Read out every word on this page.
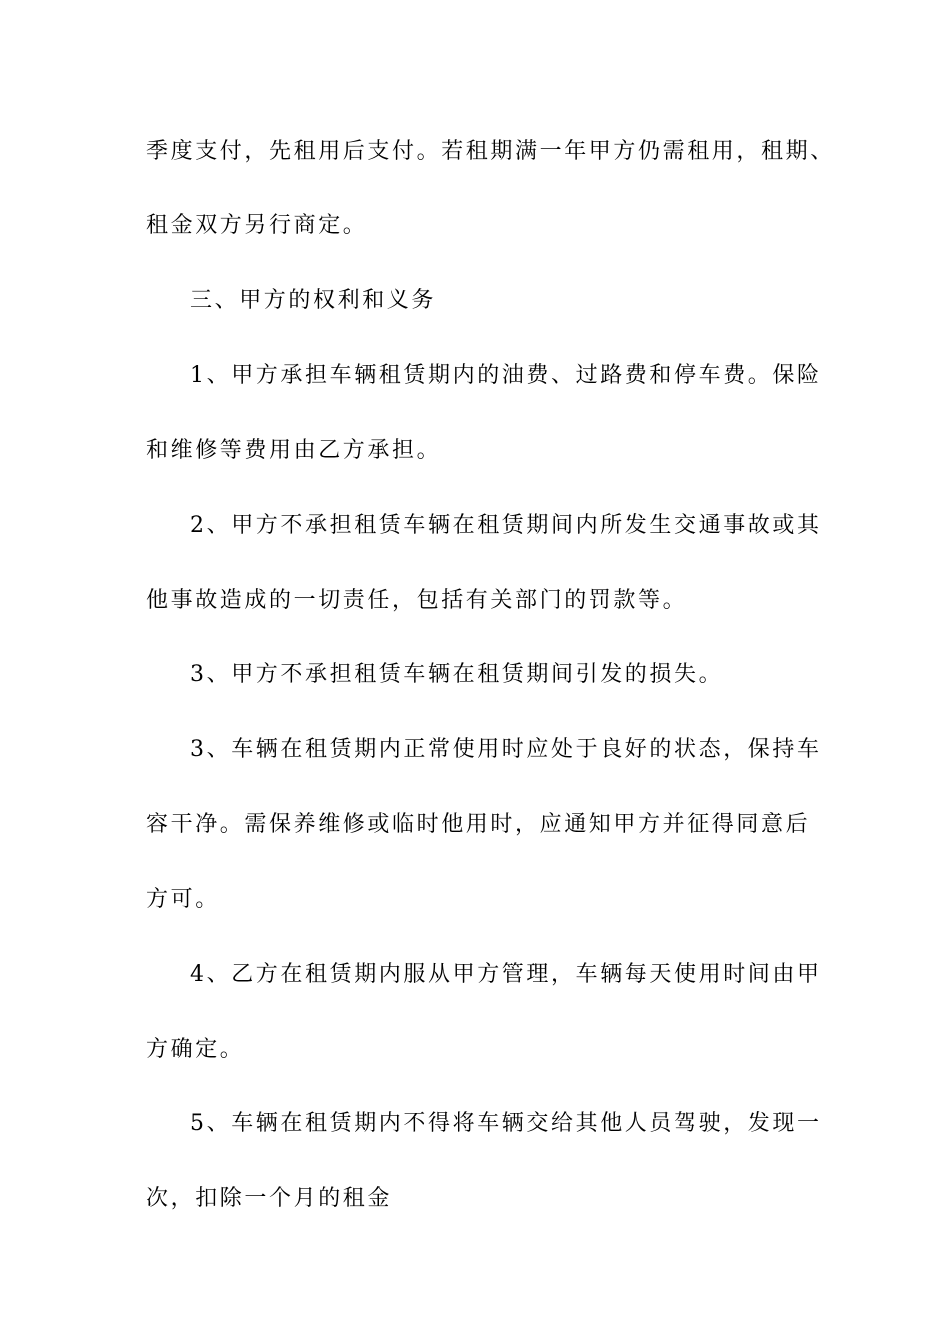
季度支付，先租用后支付。若租期满一年甲方仍需租用，租期、
租金双方另行商定。
三、甲方的权利和义务
1、甲方承担车辆租赁期内的油费、过路费和停车费。保险
和维修等费用由乙方承担。
2、甲方不承担租赁车辆在租赁期间内所发生交通事故或其
他事故造成的一切责任，包括有关部门的罚款等。
3、甲方不承担租赁车辆在租赁期间引发的损失。
3、车辆在租赁期内正常使用时应处于良好的状态，保持车
容干净。需保养维修或临时他用时，应通知甲方并征得同意后
方可。
4、乙方在租赁期内服从甲方管理，车辆每天使用时间由甲
方确定。
5、车辆在租赁期内不得将车辆交给其他人员驾驶，发现一
次，扣除一个月的租金
